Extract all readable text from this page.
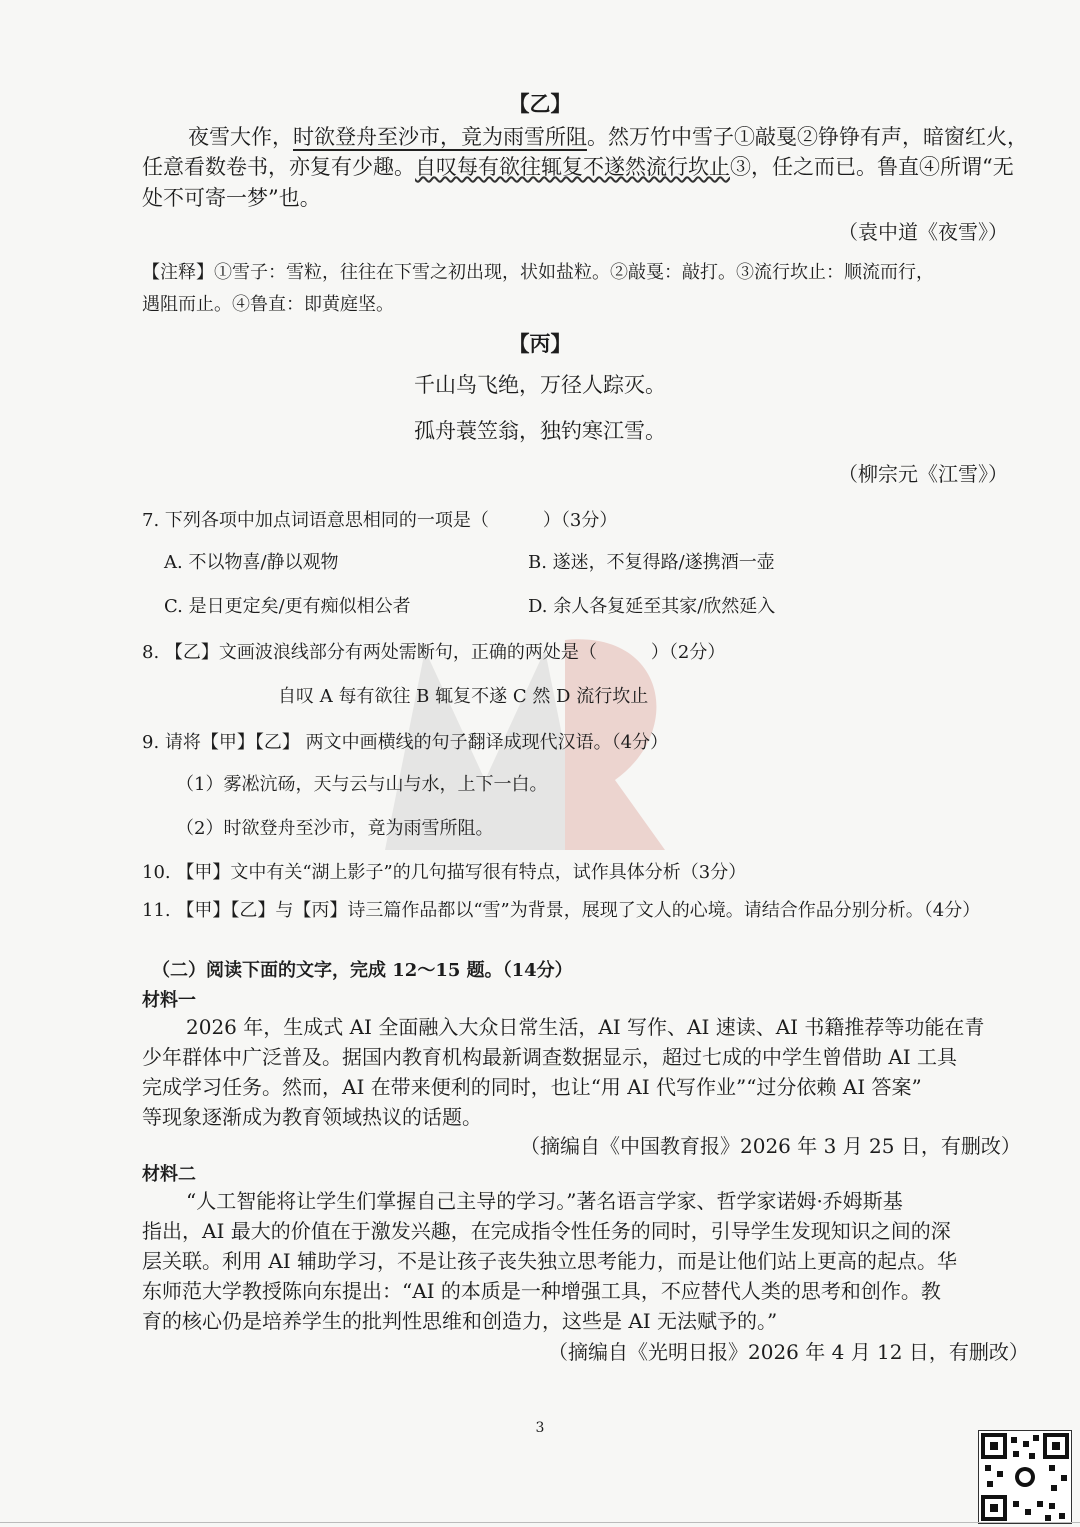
【乙】
夜雪大作，时欲登舟至沙市，竟为雨雪所阻。然万竹中雪子①敲戛②铮铮有声，暗窗红火，
任意看数卷书，亦复有少趣。自叹每有欲往辄复不遂然流行坎止③，任之而已。鲁直④所谓“无
处不可寄一梦”也。
（袁中道《夜雪》）
【注释】①雪子：雪粒，往往在下雪之初出现，状如盐粒。②敲戛：敲打。③流行坎止：顺流而行，
遇阻而止。④鲁直：即黄庭坚。
【丙】
千山鸟飞绝，万径人踪灭。
孤舟蓑笠翁，独钓寒江雪。
（柳宗元《江雪》）
7. 下列各项中加点词语意思相同的一项是（　　　）（3分）
A. 不以物喜/静以观物	B. 遂迷，不复得路/遂携酒一壶
C. 是日更定矣/更有痴似相公者	D. 余人各复延至其家/欣然延入
8. 【乙】文画波浪线部分有两处需断句，正确的两处是（　　　）（2分）
自叹 A 每有欲往 B 辄复不遂 C 然 D 流行坎止
9. 请将【甲】【乙】 两文中画横线的句子翻译成现代汉语。（4分）
（1）雾凇沆砀，天与云与山与水，上下一白。
（2）时欲登舟至沙市，竟为雨雪所阻。
10. 【甲】文中有关“湖上影子”的几句描写很有特点，试作具体分析（3分）
11. 【甲】【乙】与【丙】诗三篇作品都以“雪”为背景，展现了文人的心境。请结合作品分别分析。（4分）
（二）阅读下面的文字，完成 12～15 题。（14分）
材料一
2026 年，生成式 AI 全面融入大众日常生活，AI 写作、AI 速读、AI 书籍推荐等功能在青
少年群体中广泛普及。据国内教育机构最新调查数据显示，超过七成的中学生曾借助 AI 工具
完成学习任务。然而，AI 在带来便利的同时，也让“用 AI 代写作业”“过分依赖 AI 答案”
等现象逐渐成为教育领域热议的话题。
（摘编自《中国教育报》2026 年 3 月 25 日，有删改）
材料二
“人工智能将让学生们掌握自己主导的学习。”著名语言学家、哲学家诺姆·乔姆斯基
指出，AI 最大的价值在于激发兴趣，在完成指令性任务的同时，引导学生发现知识之间的深
层关联。利用 AI 辅助学习，不是让孩子丧失独立思考能力，而是让他们站上更高的起点。华
东师范大学教授陈向东提出：“AI 的本质是一种增强工具，不应替代人类的思考和创作。教
育的核心仍是培养学生的批判性思维和创造力，这些是 AI 无法赋予的。”
（摘编自《光明日报》2026 年 4 月 12 日，有删改）
3
